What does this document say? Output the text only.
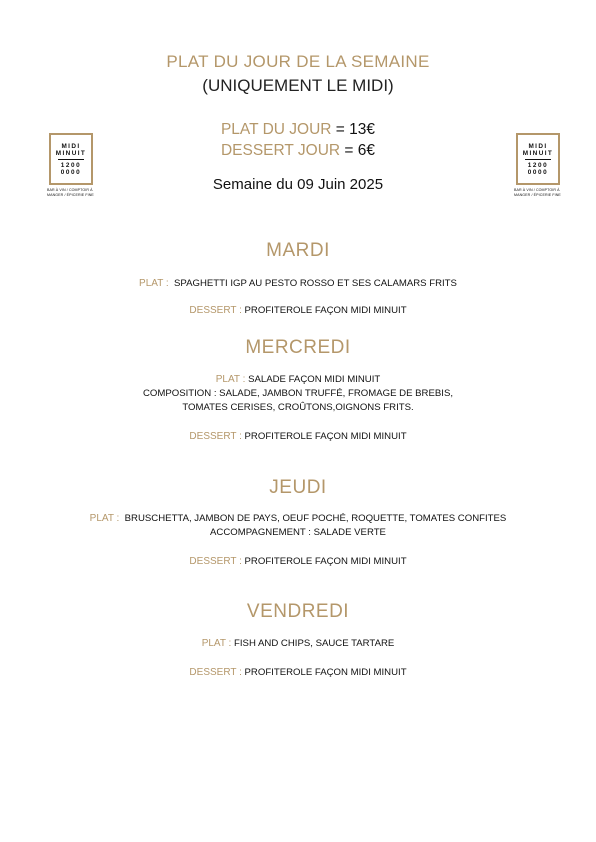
PLAT DU JOUR DE LA SEMAINE
(UNIQUEMENT LE MIDI)
PLAT DU JOUR = 13€
DESSERT JOUR = 6€
Semaine du 09 Juin 2025
MIDI
MINUIT
1200
0000
BAR À VIN / COMPTOIR À
MANGER / ÉPICERIE FINE
MIDI
MINUIT
1200
0000
BAR À VIN / COMPTOIR À
MANGER / ÉPICERIE FINE
MARDI
PLAT : SPAGHETTI IGP AU PESTO ROSSO ET SES CALAMARS FRITS
DESSERT : PROFITEROLE FAÇON MIDI MINUIT
MERCREDI
PLAT : SALADE FAÇON MIDI MINUIT
COMPOSITION : SALADE, JAMBON TRUFFÉ, FROMAGE DE BREBIS,
TOMATES CERISES, CROÛTONS,OIGNONS FRITS.
DESSERT : PROFITEROLE FAÇON MIDI MINUIT
JEUDI
PLAT : BRUSCHETTA, JAMBON DE PAYS, OEUF POCHÉ, ROQUETTE, TOMATES CONFITES
ACCOMPAGNEMENT : SALADE VERTE
DESSERT : PROFITEROLE FAÇON MIDI MINUIT
VENDREDI
PLAT : FISH AND CHIPS, SAUCE TARTARE
DESSERT : PROFITEROLE FAÇON MIDI MINUIT
